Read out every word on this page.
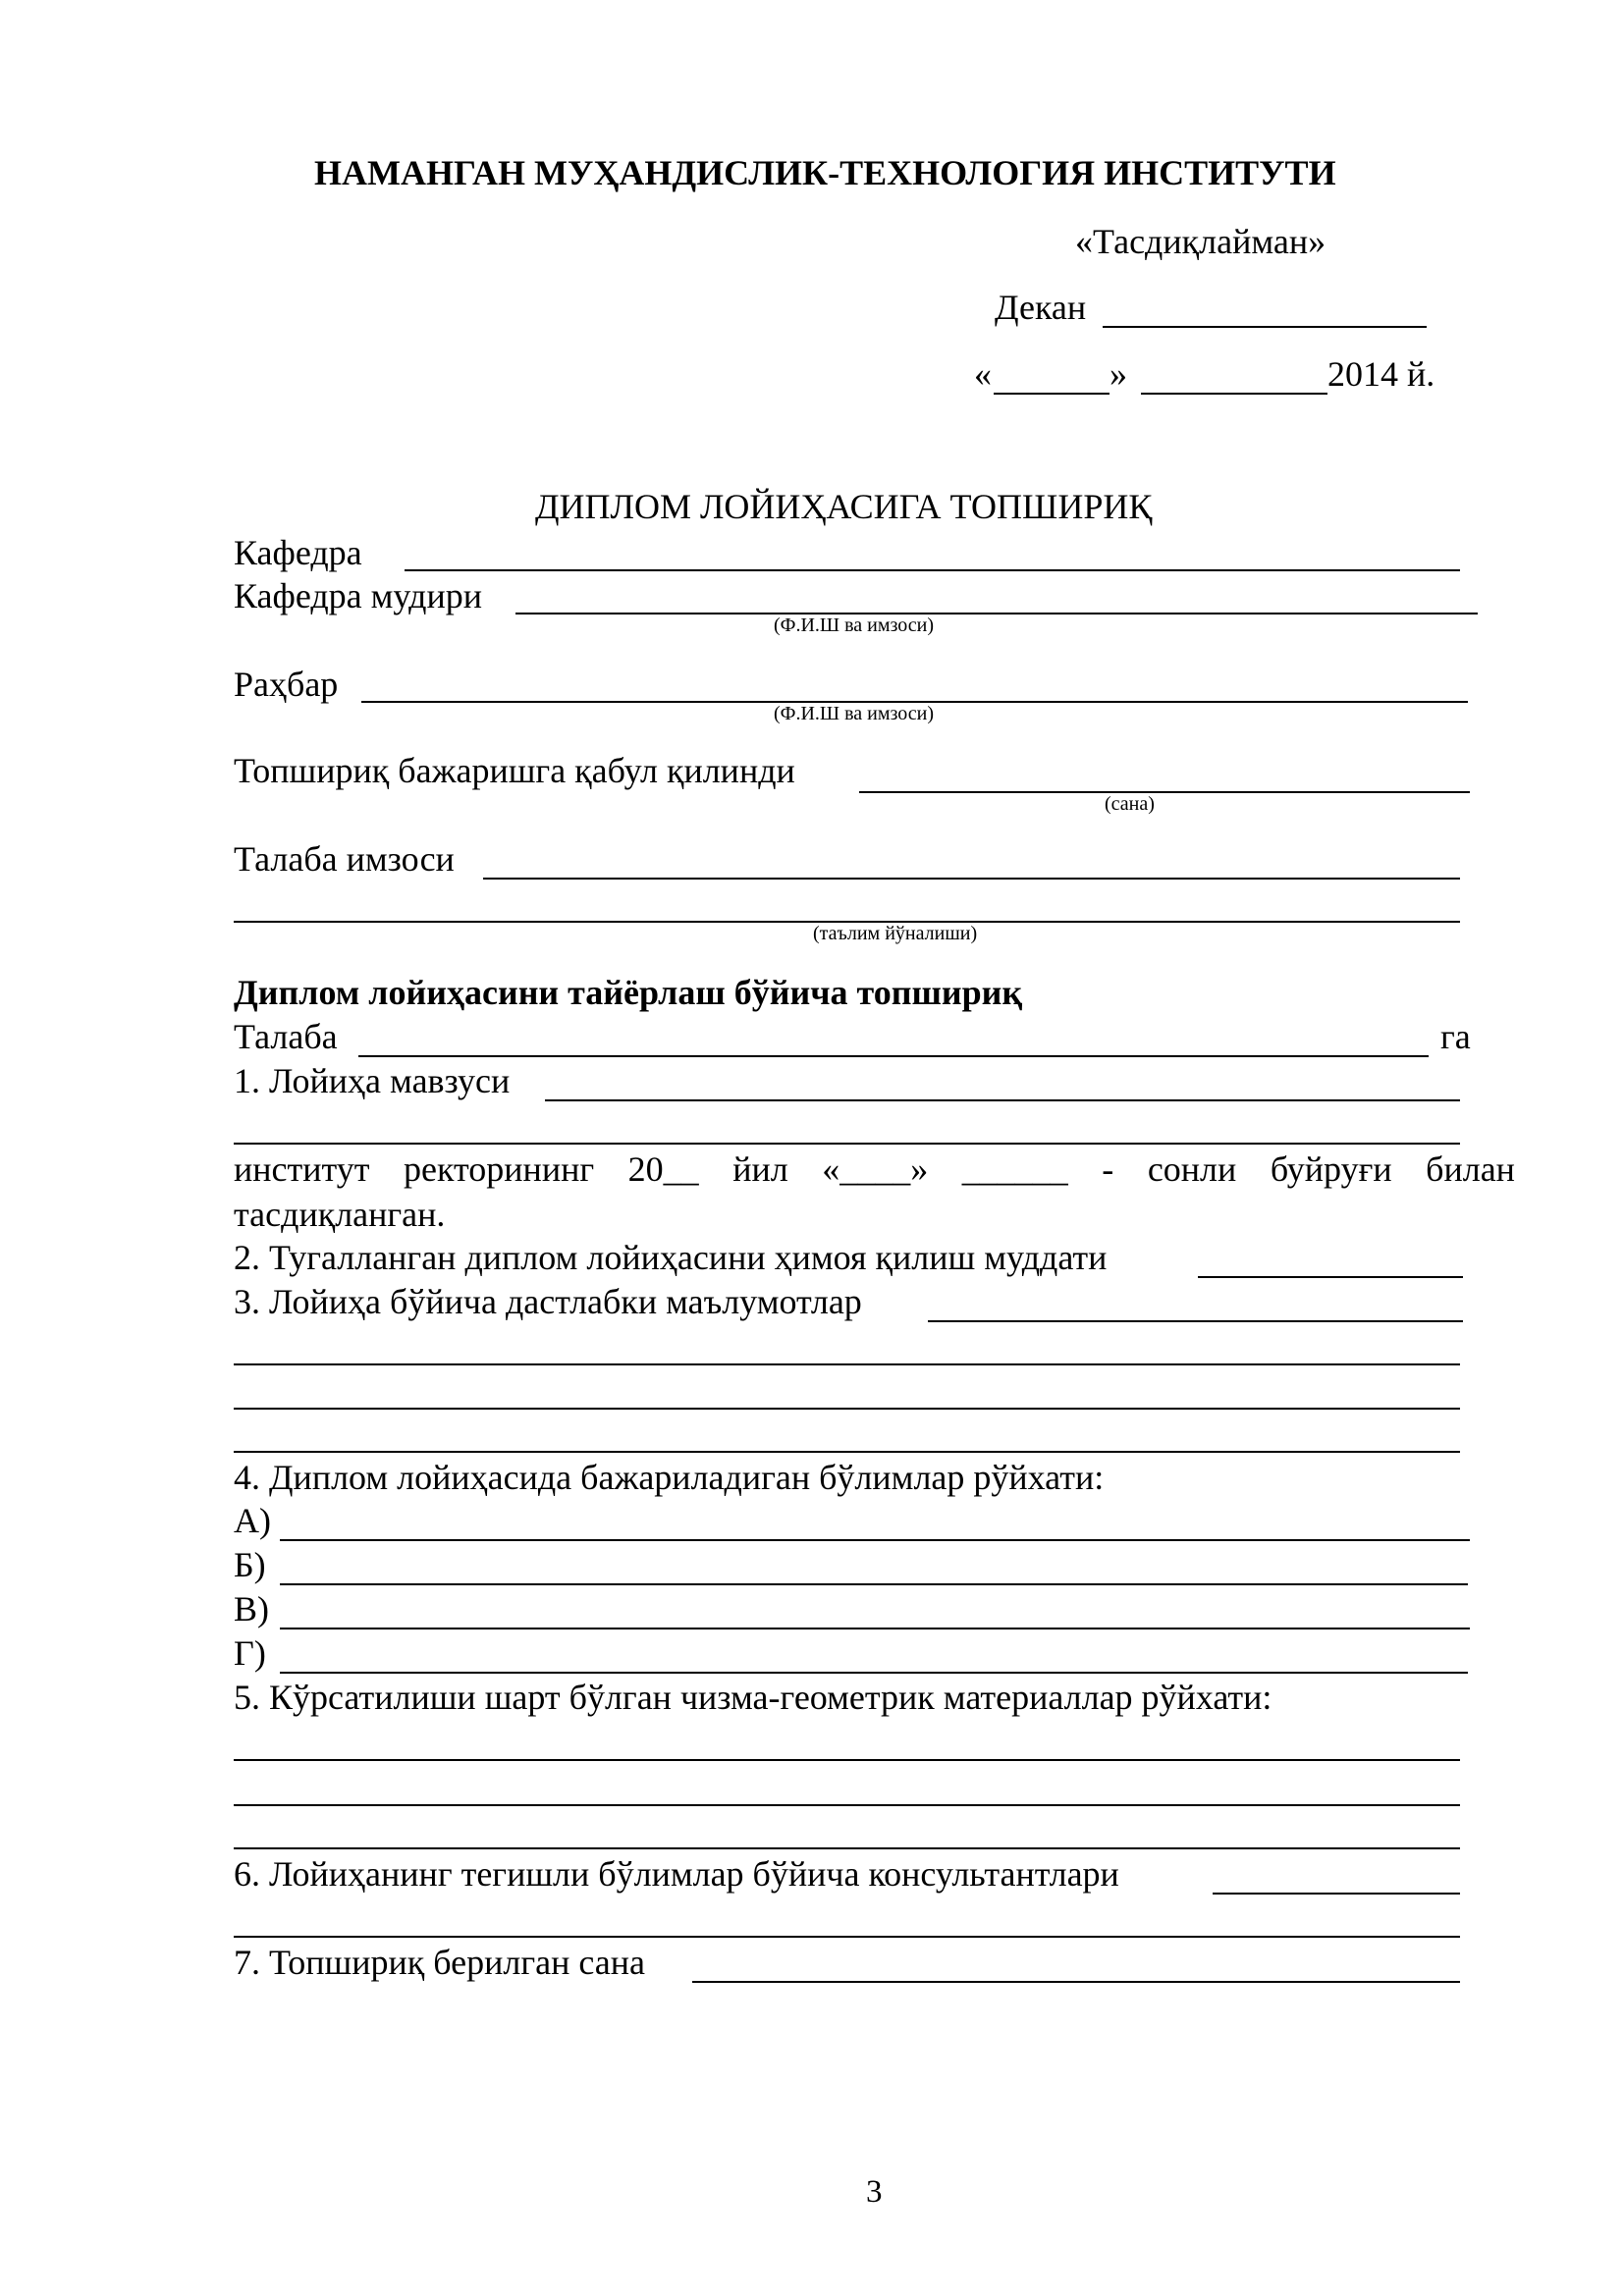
НАМАНГАН МУҲАНДИСЛИК-ТЕХНОЛОГИЯ ИНСТИТУТИ
«Тасдиқлайман»
Декан
«	»	2014 й.
ДИПЛОМ ЛОЙИҲАСИГА ТОПШИРИҚ
Кафедра
Кафедра мудири
(Ф.И.Ш ва имзоси)
Раҳбар
(Ф.И.Ш ва имзоси)
Топшириқ бажаришга қабул қилинди
(сана)
Талаба имзоси
(таълим йўналиши)
Диплом лойиҳасини тайёрлаш бўйича топшириқ
Талаба	га
1. Лойиҳа мавзуси
институт ректорининг 20__ йил «____» ______ - сонли буйруғи билан
тасдиқланган.
2. Тугалланган диплом лойиҳасини ҳимоя қилиш муддати
3. Лойиҳа бўйича дастлабки маълумотлар
4. Диплом лойиҳасида бажариладиган бўлимлар рўйхати:
А)
Б)
В)
Г)
5. Кўрсатилиши шарт бўлган чизма-геометрик материаллар рўйхати:
6. Лойиҳанинг тегишли бўлимлар бўйича консультантлари
7. Топшириқ берилган сана
3
